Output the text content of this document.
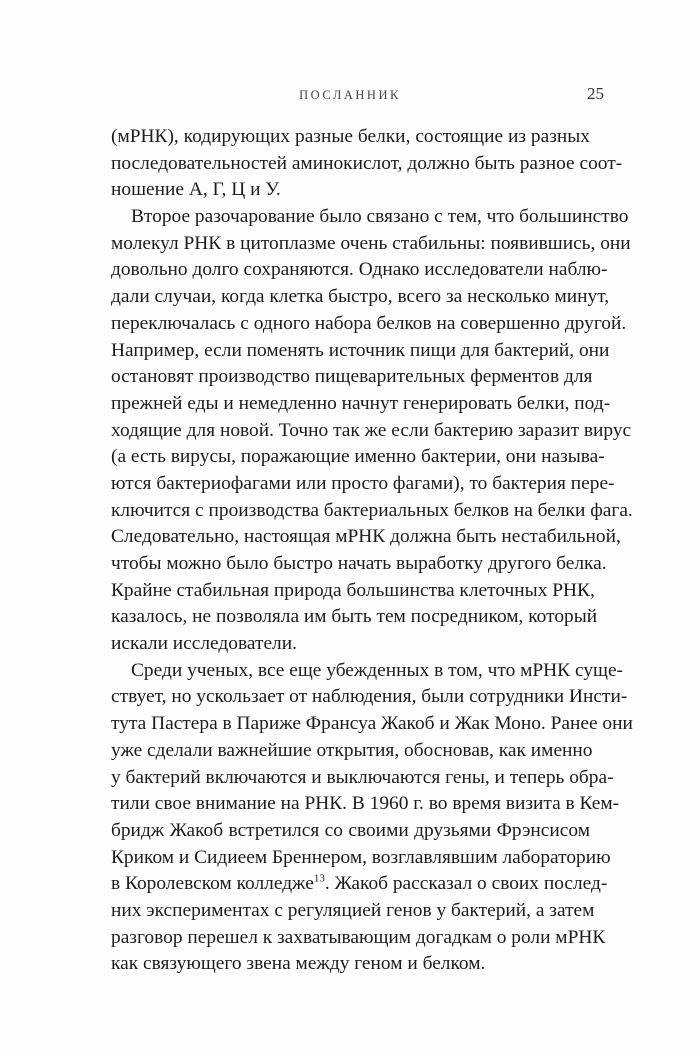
ПОСЛАННИК	25
(мРНК), кодирующих разные белки, состоящие из разных
последовательностей аминокислот, должно быть разное соот-
ношение А, Г, Ц и У.
Второе разочарование было связано с тем, что большинство
молекул РНК в цитоплазме очень стабильны: появившись, они
довольно долго сохраняются. Однако исследователи наблю-
дали случаи, когда клетка быстро, всего за несколько минут,
переключалась с одного набора белков на совершенно другой.
Например, если поменять источник пищи для бактерий, они
остановят производство пищеварительных ферментов для
прежней еды и немедленно начнут генерировать белки, под-
ходящие для новой. Точно так же если бактерию заразит вирус
(а есть вирусы, поражающие именно бактерии, они называ-
ются бактериофагами или просто фагами), то бактерия пере-
ключится с производства бактериальных белков на белки фага.
Следовательно, настоящая мРНК должна быть нестабильной,
чтобы можно было быстро начать выработку другого белка.
Крайне стабильная природа большинства клеточных РНК,
казалось, не позволяла им быть тем посредником, который
искали исследователи.
Среди ученых, все еще убежденных в том, что мРНК суще-
ствует, но ускользает от наблюдения, были сотрудники Инсти-
тута Пастера в Париже Франсуа Жакоб и Жак Моно. Ранее они
уже сделали важнейшие открытия, обосновав, как именно
у бактерий включаются и выключаются гены, и теперь обра-
тили свое внимание на РНК. В 1960 г. во время визита в Кем-
бридж Жакоб встретился со своими друзьями Фрэнсисом
Криком и Сидиеем Бреннером, возглавлявшим лабораторию
в Королевском колледже$^{13}$. Жакоб рассказал о своих послед-
них экспериментах с регуляцией генов у бактерий, а затем
разговор перешел к захватывающим догадкам о роли мРНК
как связующего звена между геном и белком.
